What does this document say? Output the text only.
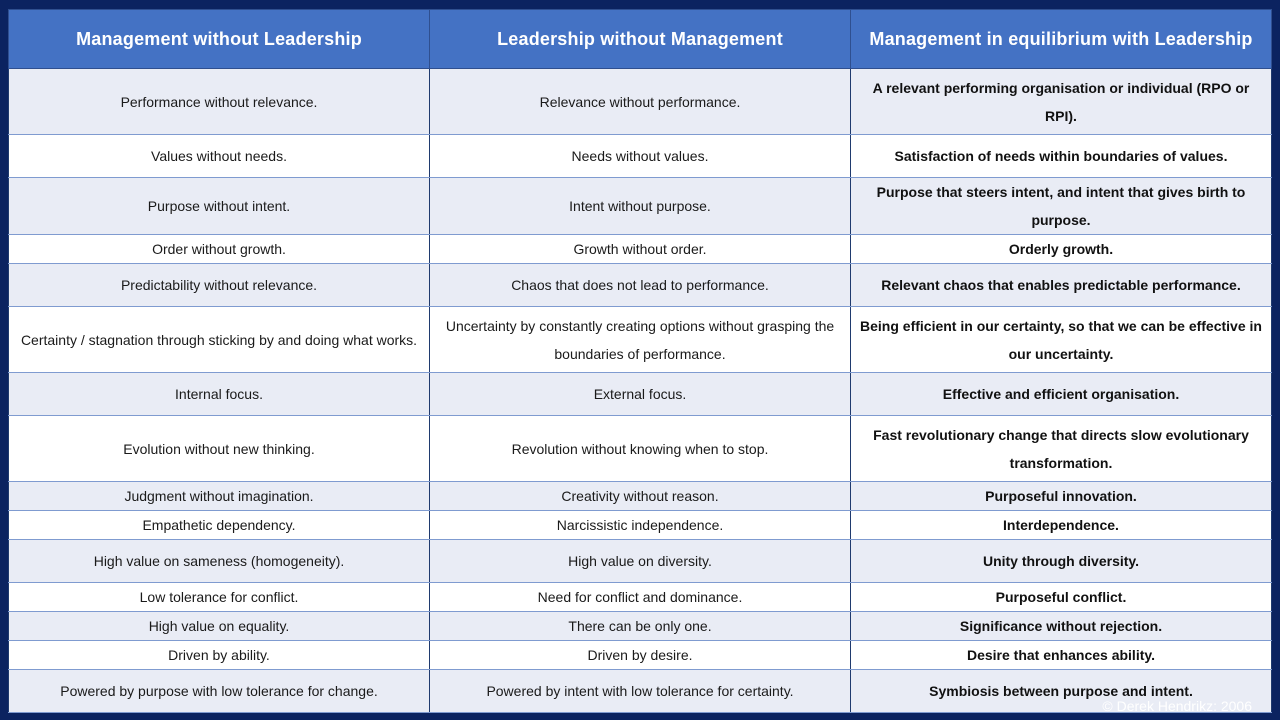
Management without Leadership	Leadership without Management	Management in equilibrium with Leadership
Performance without relevance.	Relevance without performance.	A relevant performing organisation or individual (RPO or RPI).
Values without needs.	Needs without values.	Satisfaction of needs within boundaries of values.
Purpose without intent.	Intent without purpose.	Purpose that steers intent, and intent that gives birth to purpose.
Order without growth.	Growth without order.	Orderly growth.
Predictability without relevance.	Chaos that does not lead to performance.	Relevant chaos that enables predictable performance.
Certainty / stagnation through sticking by and doing what works.	Uncertainty by constantly creating options without grasping the boundaries of performance.	Being efficient in our certainty, so that we can be effective in our uncertainty.
Internal focus.	External focus.	Effective and efficient organisation.
Evolution without new thinking.	Revolution without knowing when to stop.	Fast revolutionary change that directs slow evolutionary transformation.
Judgment without imagination.	Creativity without reason.	Purposeful innovation.
Empathetic dependency.	Narcissistic independence.	Interdependence.
High value on sameness (homogeneity).	High value on diversity.	Unity through diversity.
Low tolerance for conflict.	Need for conflict and dominance.	Purposeful conflict.
High value on equality.	There can be only one.	Significance without rejection.
Driven by ability.	Driven by desire.	Desire that enhances ability.
Powered by purpose with low tolerance for change.	Powered by intent with low tolerance for certainty.	Symbiosis between purpose and intent.
© Derek Hendrikz: 2006
